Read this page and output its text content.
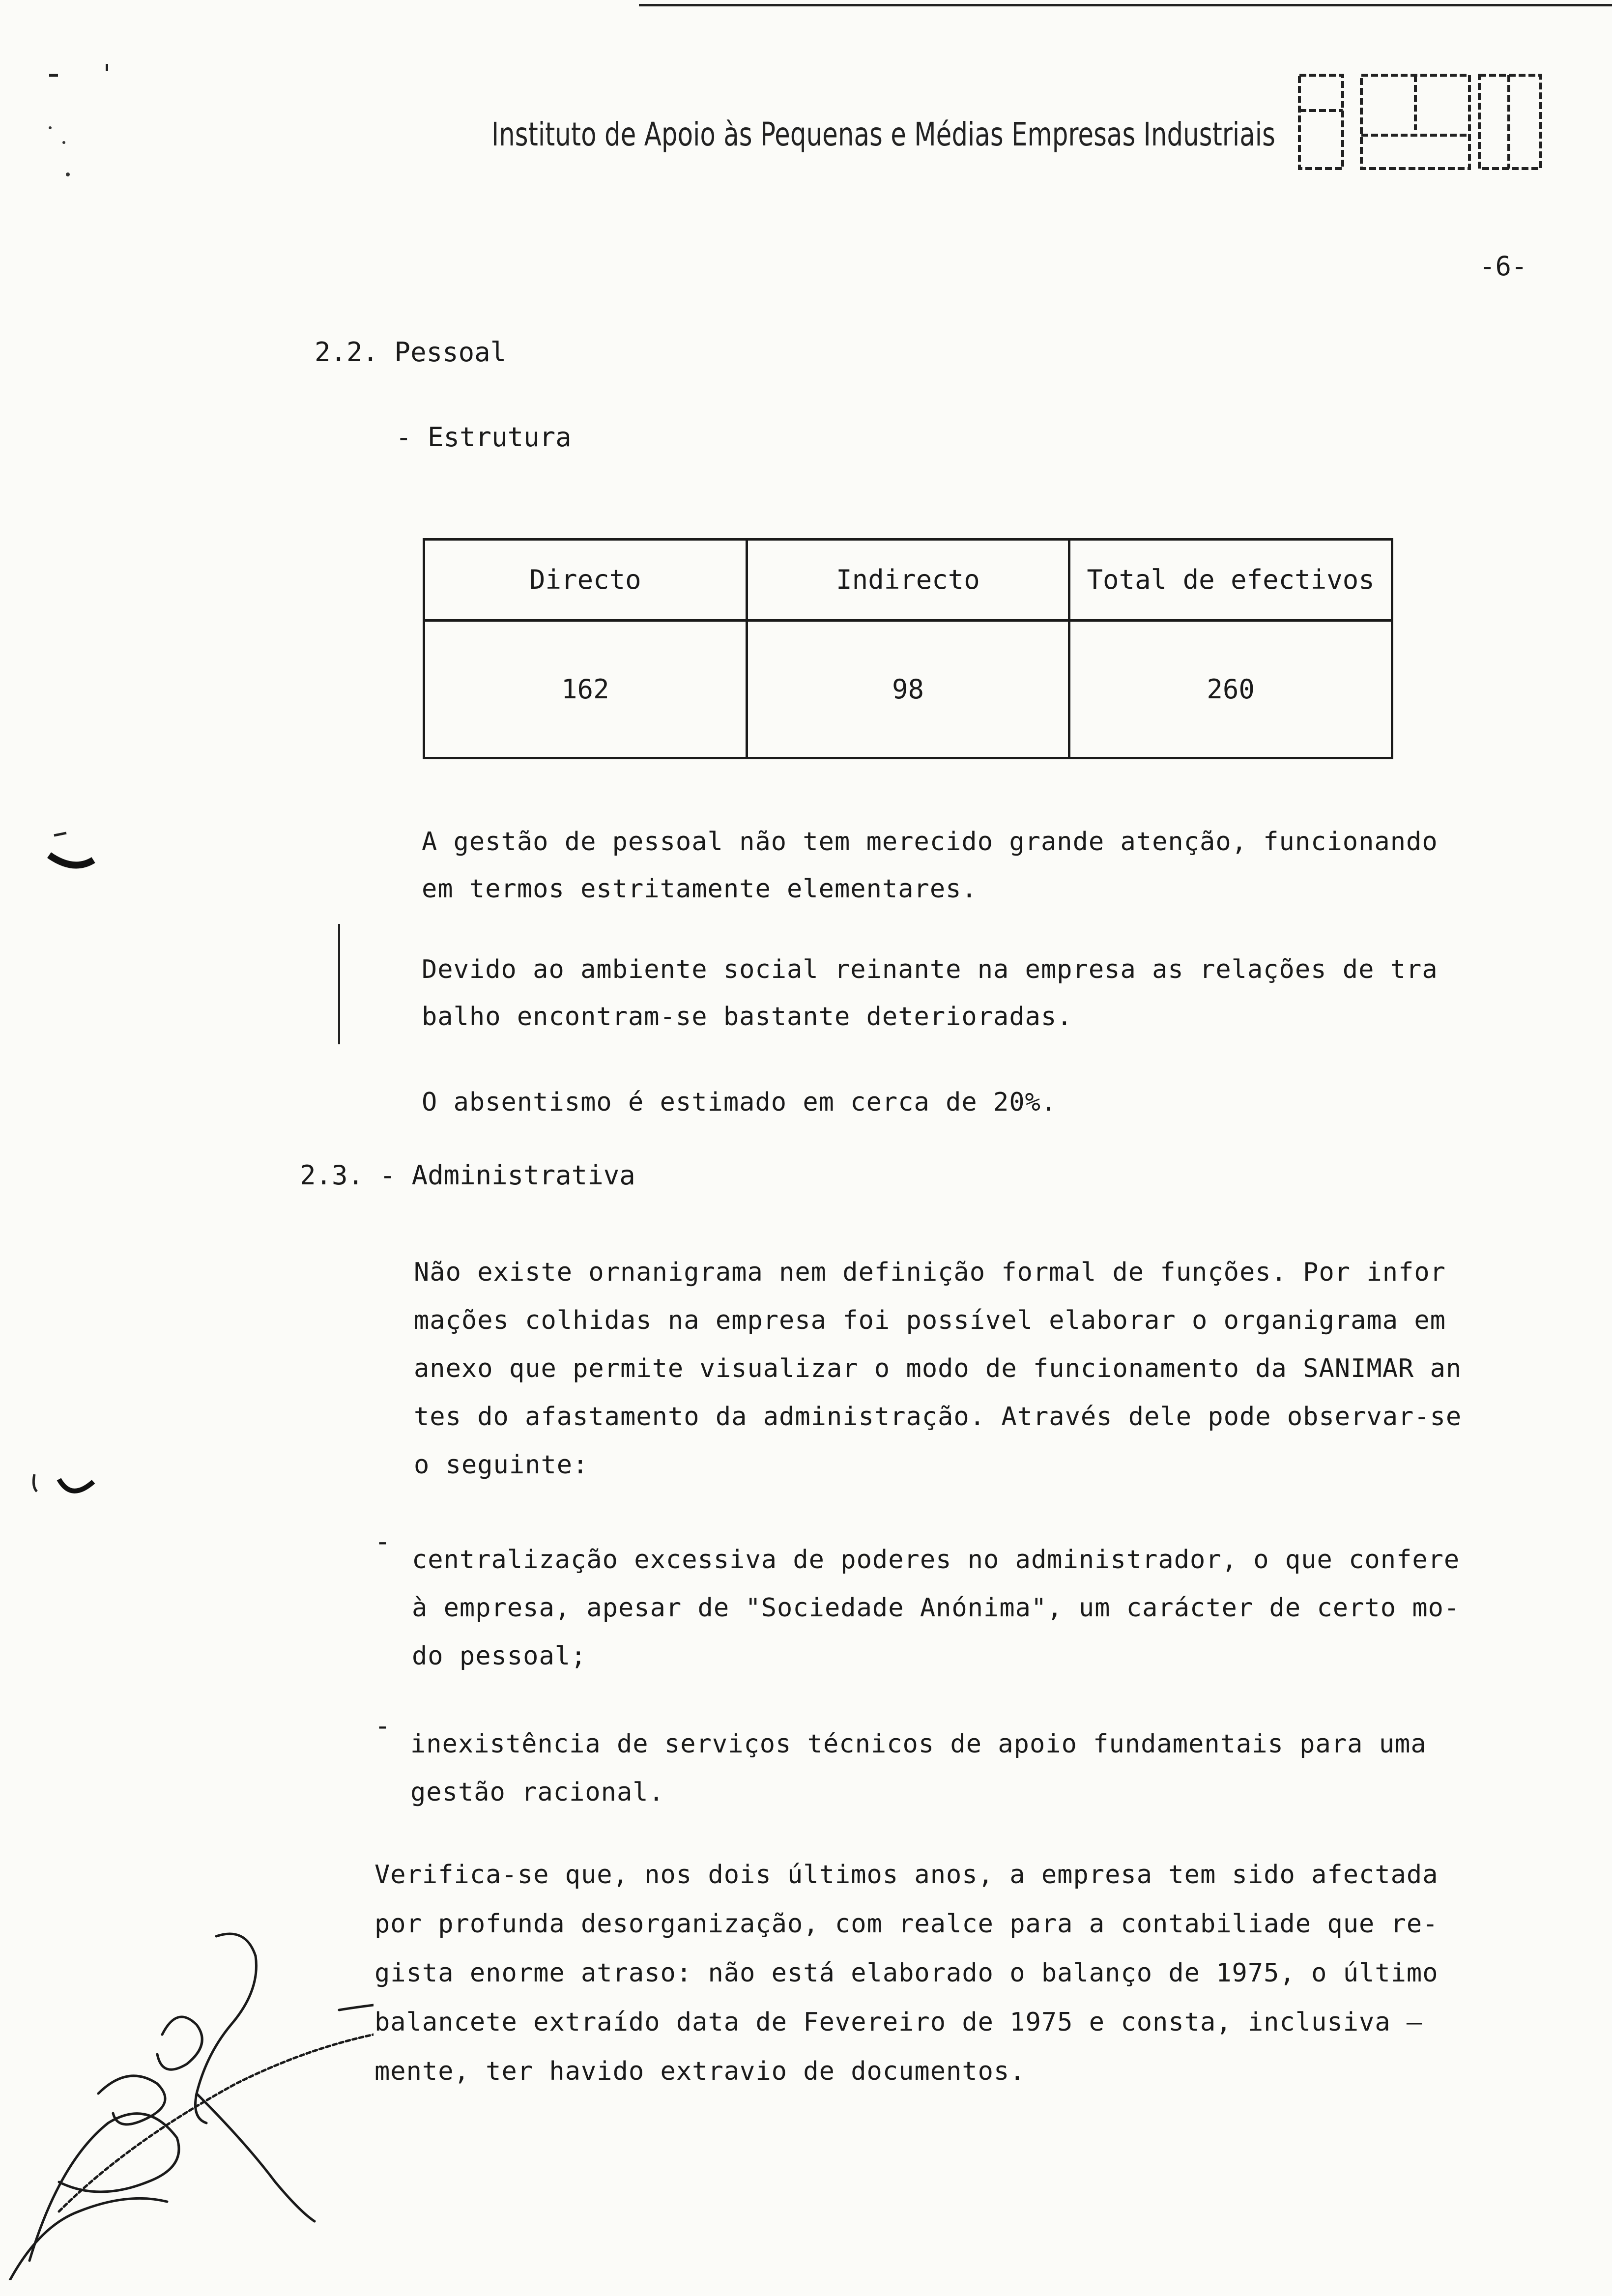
Instituto de Apoio às Pequenas e Médias Empresas Industriais
-6-
2.2. Pessoal
- Estrutura
Directo	Indirecto	Total de efectivos
162	98	260
A gestão de pessoal não tem merecido grande atenção, funcionando
em termos estritamente elementares.
Devido ao ambiente social reinante na empresa as relações de tra
balho encontram-se bastante deterioradas.
O absentismo é estimado em cerca de 20%.
2.3. - Administrativa
Não existe ornanigrama nem definição formal de funções. Por infor
mações colhidas na empresa foi possível elaborar o organigrama em
anexo que permite visualizar o modo de funcionamento da SANIMAR an
tes do afastamento da administração. Através dele pode observar-se
o seguinte:
-
centralização excessiva de poderes no administrador, o que confere
à empresa, apesar de "Sociedade Anónima", um carácter de certo mo-
do pessoal;
-
inexistência de serviços técnicos de apoio fundamentais para uma
gestão racional.
Verifica-se que, nos dois últimos anos, a empresa tem sido afectada
por profunda desorganização, com realce para a contabiliade que re-
gista enorme atraso: não está elaborado o balanço de 1975, o último
balancete extraído data de Fevereiro de 1975 e consta, inclusiva —
mente, ter havido extravio de documentos.
